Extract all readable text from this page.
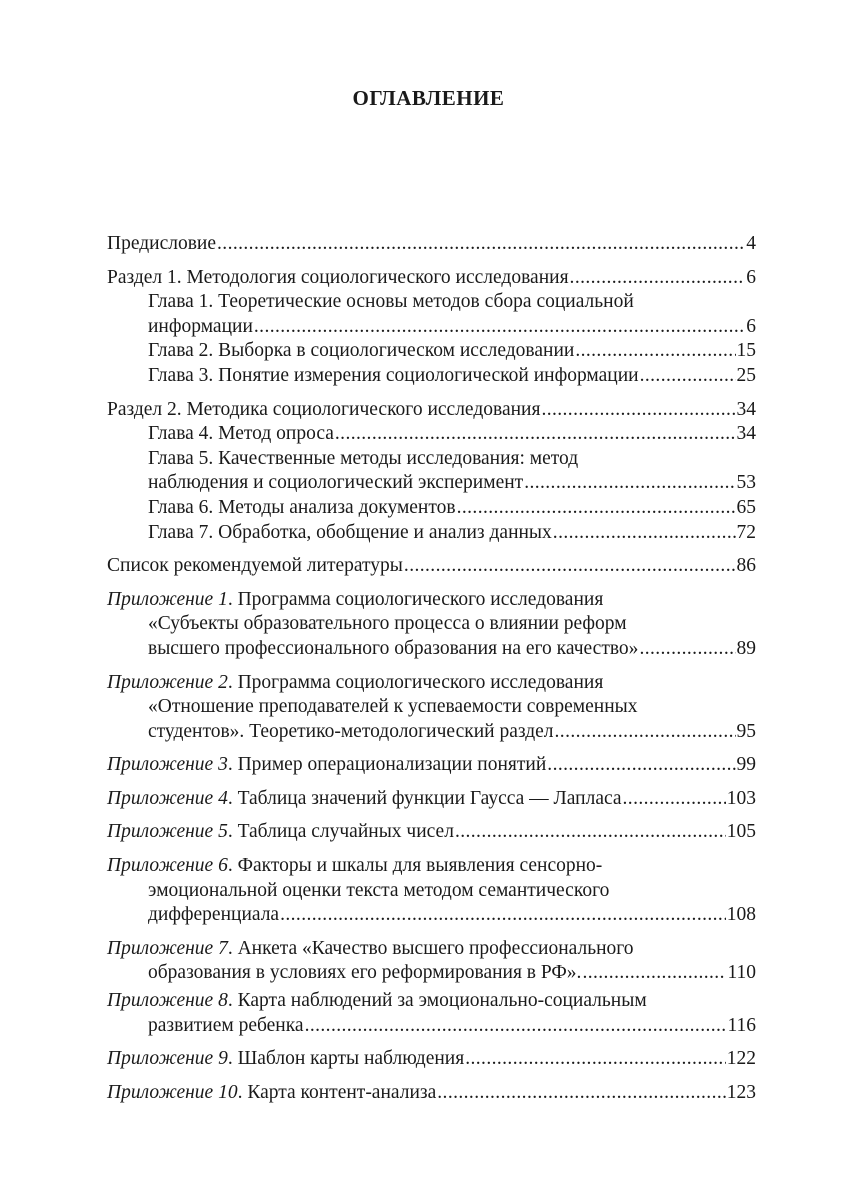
ОГЛАВЛЕНИЕ
Предисловие .....	4
Раздел 1. Методология социологического исследования .....	6
Глава 1. Теоретические основы методов сбора социальной
информации .....	6
Глава 2. Выборка в социологическом исследовании .....	15
Глава 3. Понятие измерения социологической информации .....	25
Раздел 2. Методика социологического исследования .....	34
Глава 4. Метод опроса .....	34
Глава 5. Качественные методы исследования: метод
наблюдения и социологический эксперимент .....	53
Глава 6. Методы анализа документов .....	65
Глава 7. Обработка, обобщение и анализ данных .....	72
Список рекомендуемой литературы .....	86
Приложение 1. Программа социологического исследования
«Субъекты образовательного процесса о влиянии реформ
высшего профессионального образования на его качество» .....	89
Приложение 2. Программа социологического исследования
«Отношение преподавателей к успеваемости современных
студентов». Теоретико-методологический раздел .....	95
Приложение 3. Пример операционализации понятий .....	99
Приложение 4. Таблица значений функции Гаусса — Лапласа .....	103
Приложение 5. Таблица случайных чисел .....	105
Приложение 6. Факторы и шкалы для выявления сенсорно-
эмоциональной оценки текста методом семантического
дифференциала .....	108
Приложение 7. Анкета «Качество высшего профессионального
образования в условиях его реформирования в РФ». .....	110
Приложение 8. Карта наблюдений за эмоционально-социальным
развитием ребенка .....	116
Приложение 9. Шаблон карты наблюдения .....	122
Приложение 10. Карта контент-анализа .....	123
